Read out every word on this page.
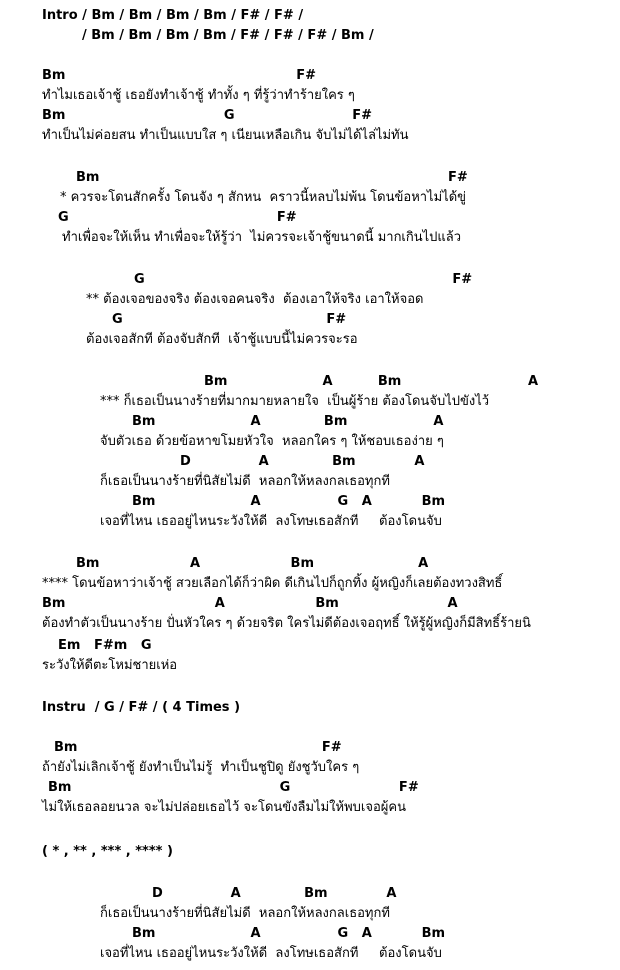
Intro / Bm / Bm / Bm / Bm / F# / F# /
/ Bm / Bm / Bm / Bm / F# / F# / F# / Bm /
Bm                                                   F#
ทำไมเธอเจ้าชู้ เธอยังทำเจ้าชู้ ทำทั้ง ๆ ที่รู้ว่าทำร้ายใคร ๆ
Bm                                   G                          F#
ทำเป็นไม่ค่อยสน ทำเป็นแบบใส ๆ เนียนเหลือเกิน จับไม่ได้ไล่ไม่ทัน
Bm                                                                             F#
* ควรจะโดนสักครั้ง โดนจัง ๆ สักหน  คราวนี้หลบไม่พ้น โดนข้อหาไม่ได้ขู่
G                                              F#
ทำเพื่อจะให้เห็น ทำเพื่อจะให้รู้ว่า  ไม่ควรจะเจ้าชู้ขนาดนี้ มากเกินไปแล้ว
G                                                                    F#
** ต้องเจอของจริง ต้องเจอคนจริง  ต้องเอาให้จริง เอาให้จอด
G                                             F#
ต้องเจอสักที ต้องจับสักที  เจ้าชู้แบบนี้ไม่ควรจะรอ
Bm                     A          Bm                            A
*** ก็เธอเป็นนางร้ายที่มากมายหลายใจ  เป็นผู้ร้าย ต้องโดนจับไปขังไว้
Bm                     A              Bm                   A
จับตัวเธอ ด้วยข้อหาขโมยหัวใจ  หลอกใคร ๆ ให้ชอบเธอง่าย ๆ
D               A              Bm             A
ก็เธอเป็นนางร้ายที่นิสัยไม่ดี  หลอกให้หลงกลเธอทุกที
Bm                     A                 G   A           Bm
เจอที่ไหน เธออยู่ไหนระวังให้ดี  ลงโทษเธอสักที     ต้องโดนจับ
Bm                    A                    Bm                       A
**** โดนข้อหาว่าเจ้าชู้ สวยเลือกได้ก็ว่าผิด ดีเกินไปก็ถูกทิ้ง ผู้หญิงก็เลยต้องทวงสิทธิ์
Bm                                 A                    Bm                        A
ต้องทำตัวเป็นนางร้าย ปั่นหัวใคร ๆ ด้วยจริต ใครไม่ดีต้องเจอฤทธิ์ ให้รู้ผู้หญิงก็มีสิทธิ์ร้ายนิ
Em   F#m   G
ระวังให้ดีตะโหม่ชายเห่อ
Instru  / G / F# / ( 4 Times )
Bm                                                      F#
ถ้ายังไม่เลิกเจ้าชู้ ยังทำเป็นไม่รู้  ทำเป็นชูปิดู ยังชูวับใคร ๆ
Bm                                              G                        F#
ไม่ให้เธอลอยนวล จะไม่ปล่อยเธอไว้ จะโดนขังลืมไม่ให้พบเจอผู้คน
( * , ** , *** , **** )
D               A              Bm             A
ก็เธอเป็นนางร้ายที่นิสัยไม่ดี  หลอกให้หลงกลเธอทุกที
Bm                     A                 G   A           Bm
เจอที่ไหน เธออยู่ไหนระวังให้ดี  ลงโทษเธอสักที     ต้องโดนจับ
